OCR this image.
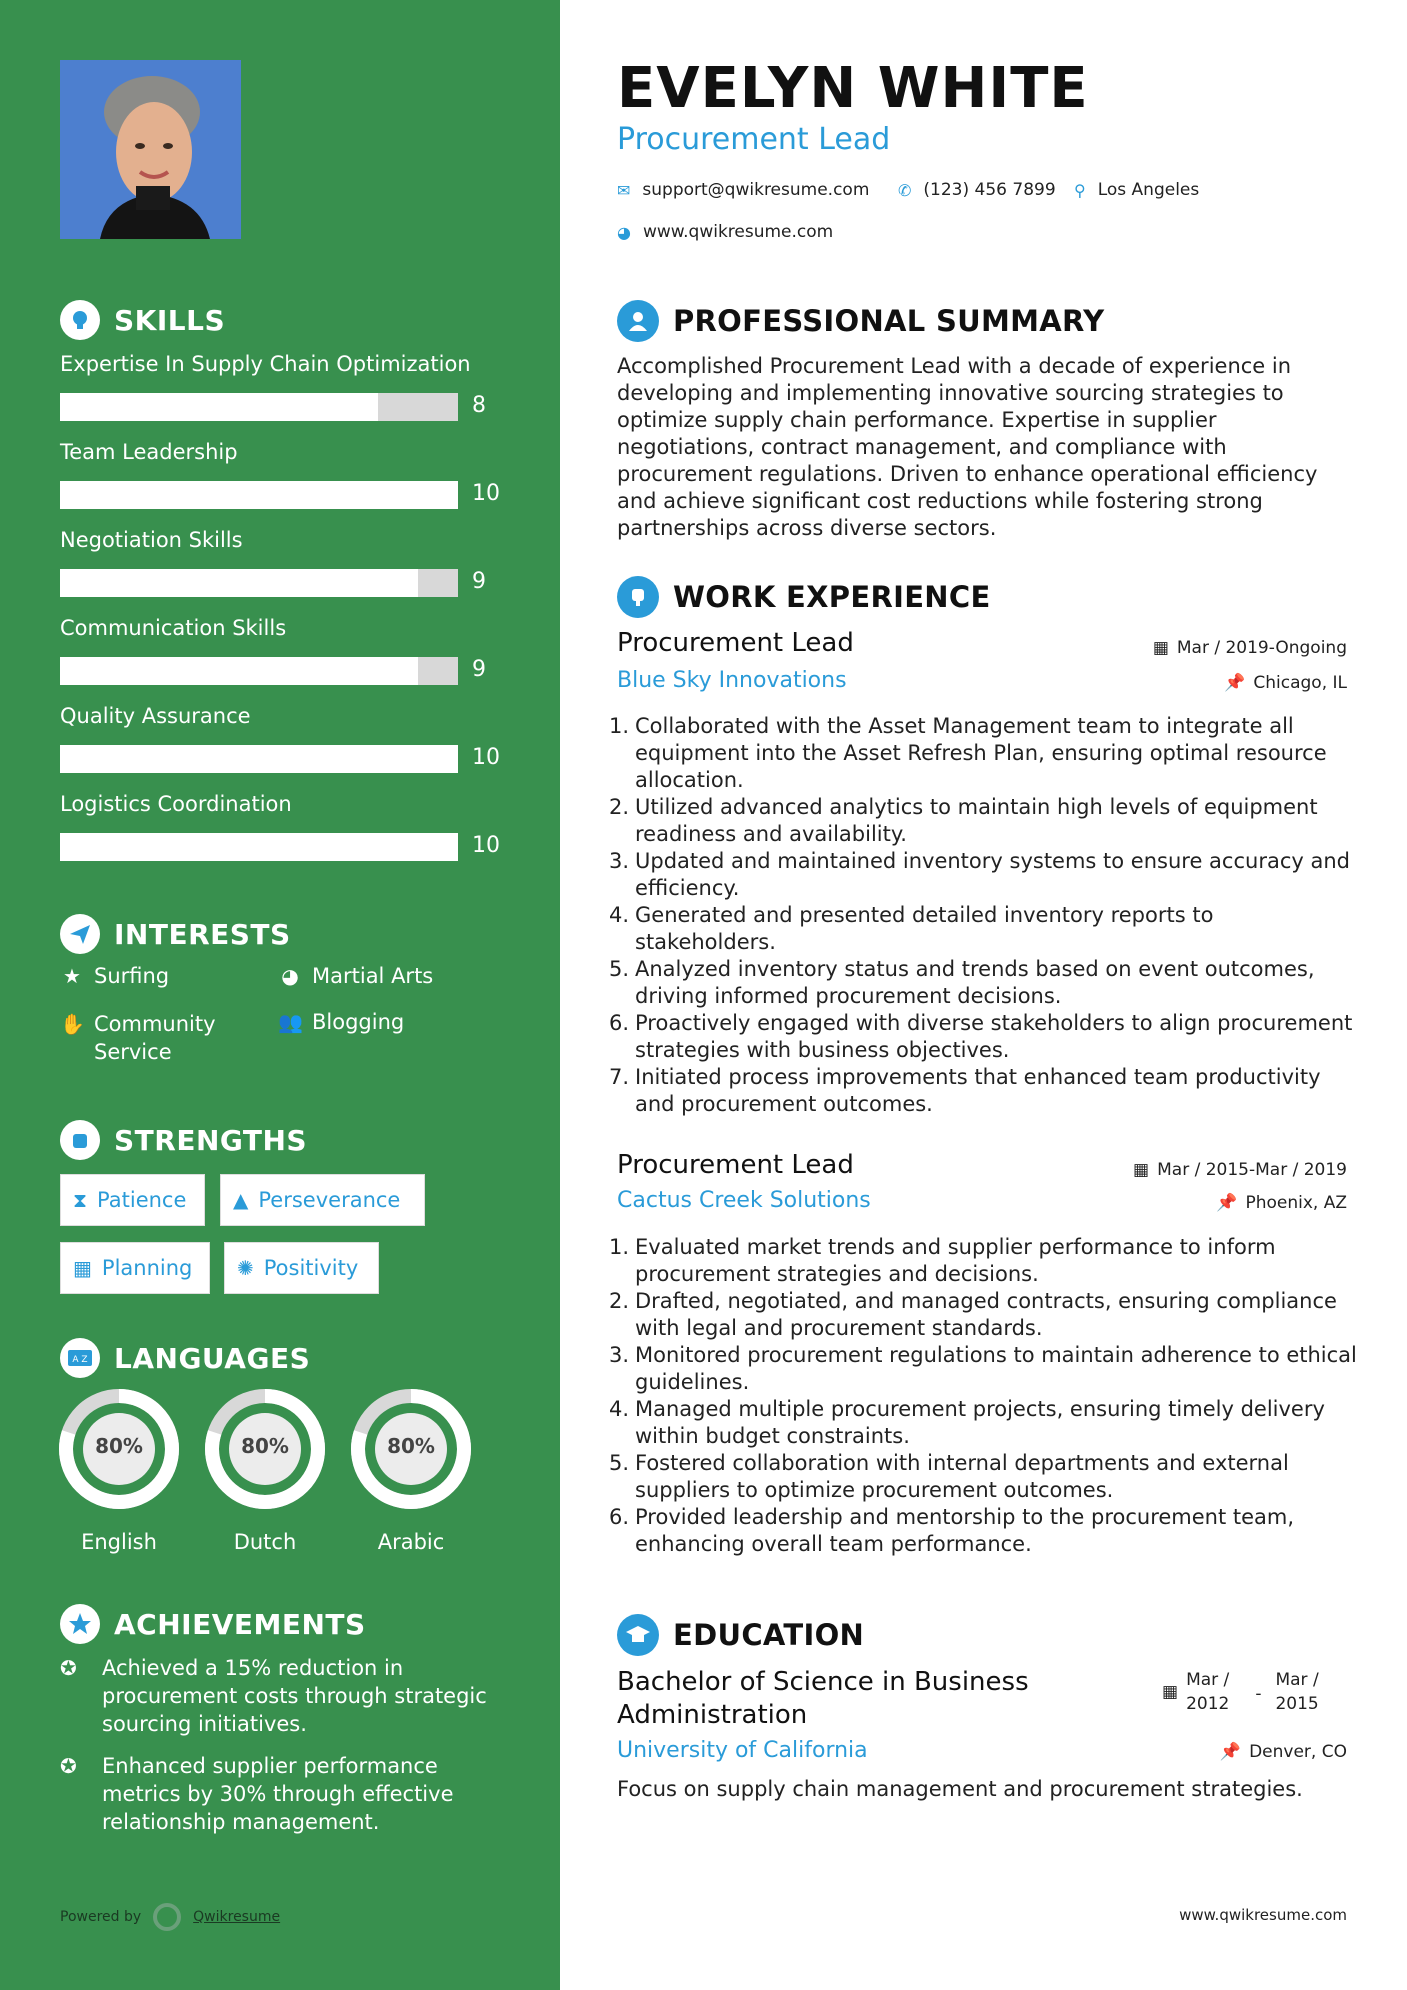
SKILLS
Expertise In Supply Chain Optimization
8
Team Leadership
10
Negotiation Skills
9
Communication Skills
9
Quality Assurance
10
Logistics Coordination
10
INTERESTS
★ Surfing	◕ Martial Arts
✋ Community Service
👥 Blogging
STRENGTHS
⧗ Patience ▲ Perseverance
▦ Planning ✺ Positivity
A Z LANGUAGES
80%
English
80%
Dutch
80%
Arabic
ACHIEVEMENTS
✪	Achieved a 15% reduction in procurement costs through strategic sourcing initiatives.
✪	Enhanced supplier performance metrics by 30% through effective relationship management.
Powered by	Qwikresume
EVELYN WHITE
Procurement Lead
✉ support@qwikresume.com ✆ (123) 456 7899 ⚲ Los Angeles
◕ www.qwikresume.com
PROFESSIONAL SUMMARY
Accomplished Procurement Lead with a decade of experience in developing and implementing innovative sourcing strategies to optimize supply chain performance. Expertise in supplier negotiations, contract management, and compliance with procurement regulations. Driven to enhance operational efficiency and achieve significant cost reductions while fostering strong partnerships across diverse sectors.
WORK EXPERIENCE
Procurement Lead	▦ Mar / 2019-Ongoing
Blue Sky Innovations	📌 Chicago, IL
Collaborated with the Asset Management team to integrate all equipment into the Asset Refresh Plan, ensuring optimal resource allocation.
Utilized advanced analytics to maintain high levels of equipment readiness and availability.
Updated and maintained inventory systems to ensure accuracy and efficiency.
Generated and presented detailed inventory reports to stakeholders.
Analyzed inventory status and trends based on event outcomes, driving informed procurement decisions.
Proactively engaged with diverse stakeholders to align procurement strategies with business objectives.
Initiated process improvements that enhanced team productivity and procurement outcomes.
Procurement Lead	▦ Mar / 2015-Mar / 2019
Cactus Creek Solutions	📌 Phoenix, AZ
Evaluated market trends and supplier performance to inform procurement strategies and decisions.
Drafted, negotiated, and managed contracts, ensuring compliance with legal and procurement standards.
Monitored procurement regulations to maintain adherence to ethical guidelines.
Managed multiple procurement projects, ensuring timely delivery within budget constraints.
Fostered collaboration with internal departments and external suppliers to optimize procurement outcomes.
Provided leadership and mentorship to the procurement team, enhancing overall team performance.
EDUCATION
Bachelor of Science in Business
Administration
▦
Mar /
2012 -
Mar /
2015
University of California	📌 Denver, CO
Focus on supply chain management and procurement strategies.
www.qwikresume.com
